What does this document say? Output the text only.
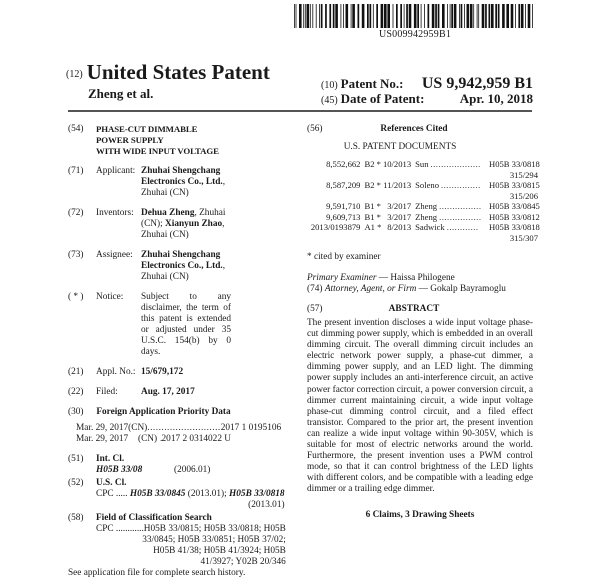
US009942959B1
(12) United States Patent
Zheng et al.
(10) Patent No.: US 9,942,959 B1
(45) Date of Patent:	Apr. 10, 2018
(54)	PHASE-CUT DIMMABLE POWER SUPPLY
WITH WIDE INPUT VOLTAGE
(71)	Applicant: Zhuhai Shengchang Electronics Co., Ltd., Zhuhai (CN)
(72)	Inventors: Dehua Zheng, Zhuhai (CN); Xianyun Zhao, Zhuhai (CN)
(73)	Assignee: Zhuhai Shengchang Electronics Co., Ltd., Zhuhai (CN)
( * )	Notice:	Subject to any disclaimer, the term of this patent is extended or adjusted under 35 U.S.C. 154(b) by 0 days.
(21)	Appl. No.: 15/679,172
(22)	Filed:	Aug. 17, 2017
(30)	Foreign Application Priority Data
Mar. 29, 2017 (CN) .......................... 2017 1 0195106
Mar. 29, 2017	(CN) 2017 2 0314022 U
(51)	Int. Cl.
H05B 33/08	(2006.01)
(52)	U.S. Cl.
CPC ..... H05B 33/0845 (2013.01); H05B 33/0818
(2013.01)
(58)	Field of Classification Search
CPC ............ H05B 33/0815; H05B 33/0818; H05B
33/0845; H05B 33/0851; H05B 37/02;
H05B 41/38; H05B 41/3924; H05B
41/3927; Y02B 20/346
See application file for complete search history.
(56)	References Cited
U.S. PATENT DOCUMENTS
8,552,662 B2 * 10/2013 Sun ................... H05B 33/0818
315/294
8,587,209 B2 * 11/2013 Soleno ............... H05B 33/0815
315/206
9,591,710 B1 * 3/2017 Zheng ................ H05B 33/0845
9,609,713 B1 * 3/2017 Zheng ................ H05B 33/0812
2013/0193879 A1 * 8/2013 Sadwick ............	H05B 33/0818
315/307
* cited by examiner
Primary Examiner — Haissa Philogene
(74) Attorney, Agent, or Firm — Gokalp Bayramoglu
(57)	ABSTRACT
The present invention discloses a wide input voltage phase-cut dimming power supply, which is embedded in an overall dimming circuit. The overall dimming circuit includes an electric network power supply, a phase-cut dimmer, a dimming power supply, and an LED light. The dimming power supply includes an anti-interference circuit, an active power factor correction circuit, a power conversion circuit, a dimmer current maintaining circuit, a wide input voltage phase-cut dimming control circuit, and a filed effect transistor. Compared to the prior art, the present invention can realize a wide input voltage within 90-305V, which is suitable for most of electric networks around the world. Furthermore, the present invention uses a PWM control mode, so that it can control brightness of the LED lights with different colors, and be compatible with a leading edge dimmer or a trailing edge dimmer.
6 Claims, 3 Drawing Sheets
